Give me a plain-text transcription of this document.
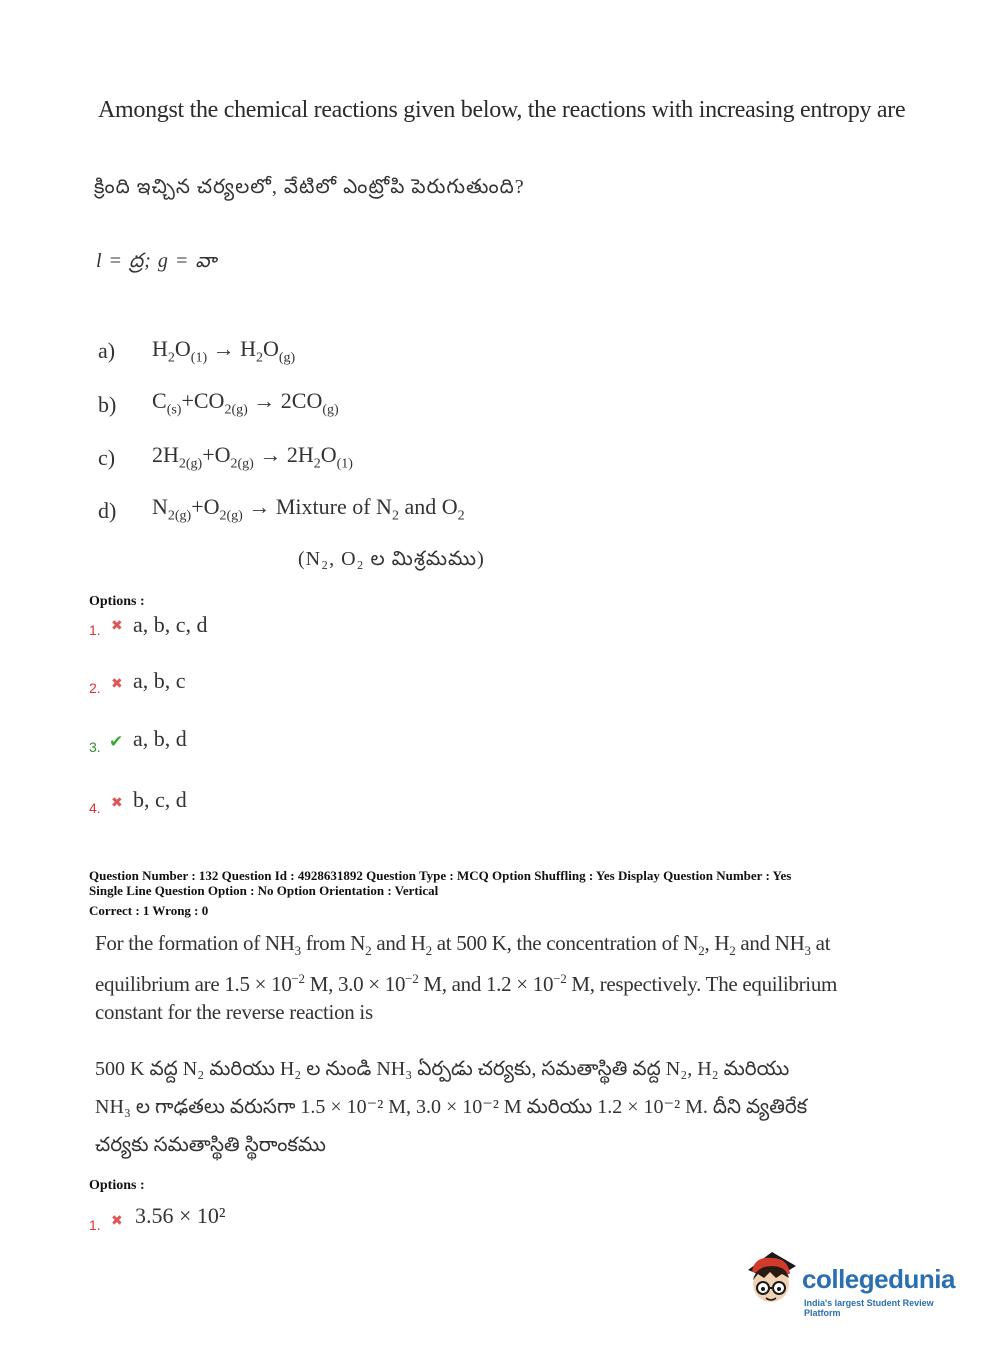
Amongst the chemical reactions given below, the reactions with increasing entropy are
క్రింది ఇచ్చిన చర్యలలో, వేటిలో ఎంట్రోపి పెరుగుతుంది?
l = ద్ర; g = వా
a) $H_2O_{(1)} \to H_2O_{(g)}$
b) $C_{(s)}+CO_{2(g)} \to 2CO_{(g)}$
c) $2H_{2(g)}+O_{2(g)} \to 2H_2O_{(1)}$
d) $N_{2(g)}+O_{2(g)}$ → Mixture of $N_2$ and $O_2$
(N₂, O₂ ల మిశ్రమము)
Options :
1. ✖ a, b, c, d
2. ✖ a, b, c
3. ✔ a, b, d
4. ✖ b, c, d
Question Number : 132 Question Id : 4928631892 Question Type : MCQ Option Shuffling : Yes Display Question Number : Yes
Single Line Question Option : No Option Orientation : Vertical
Correct : 1 Wrong : 0
For the formation of $NH_3$ from $N_2$ and $H_2$ at 500 K, the concentration of $N_2$, $H_2$ and $NH_3$ at
equilibrium are $1.5 \times 10^{-2}$ M, $3.0 \times 10^{-2}$ M, and $1.2 \times 10^{-2}$ M, respectively. The equilibrium
constant for the reverse reaction is
500 K వద్ద N₂ మరియు H₂ ల నుండి NH₃ ఏర్పడు చర్యకు, సమతాస్థితి వద్ద N₂, H₂ మరియు
NH₃ ల గాఢతలు వరుసగా 1.5 × 10⁻² M, 3.0 × 10⁻² M మరియు 1.2 × 10⁻² M. దీని వ్యతిరేక
చర్యకు సమతాస్థితి స్థిరాంకము
Options :
1. ✖ 3.56 × 10²
collegedunia
India's largest Student Review Platform
